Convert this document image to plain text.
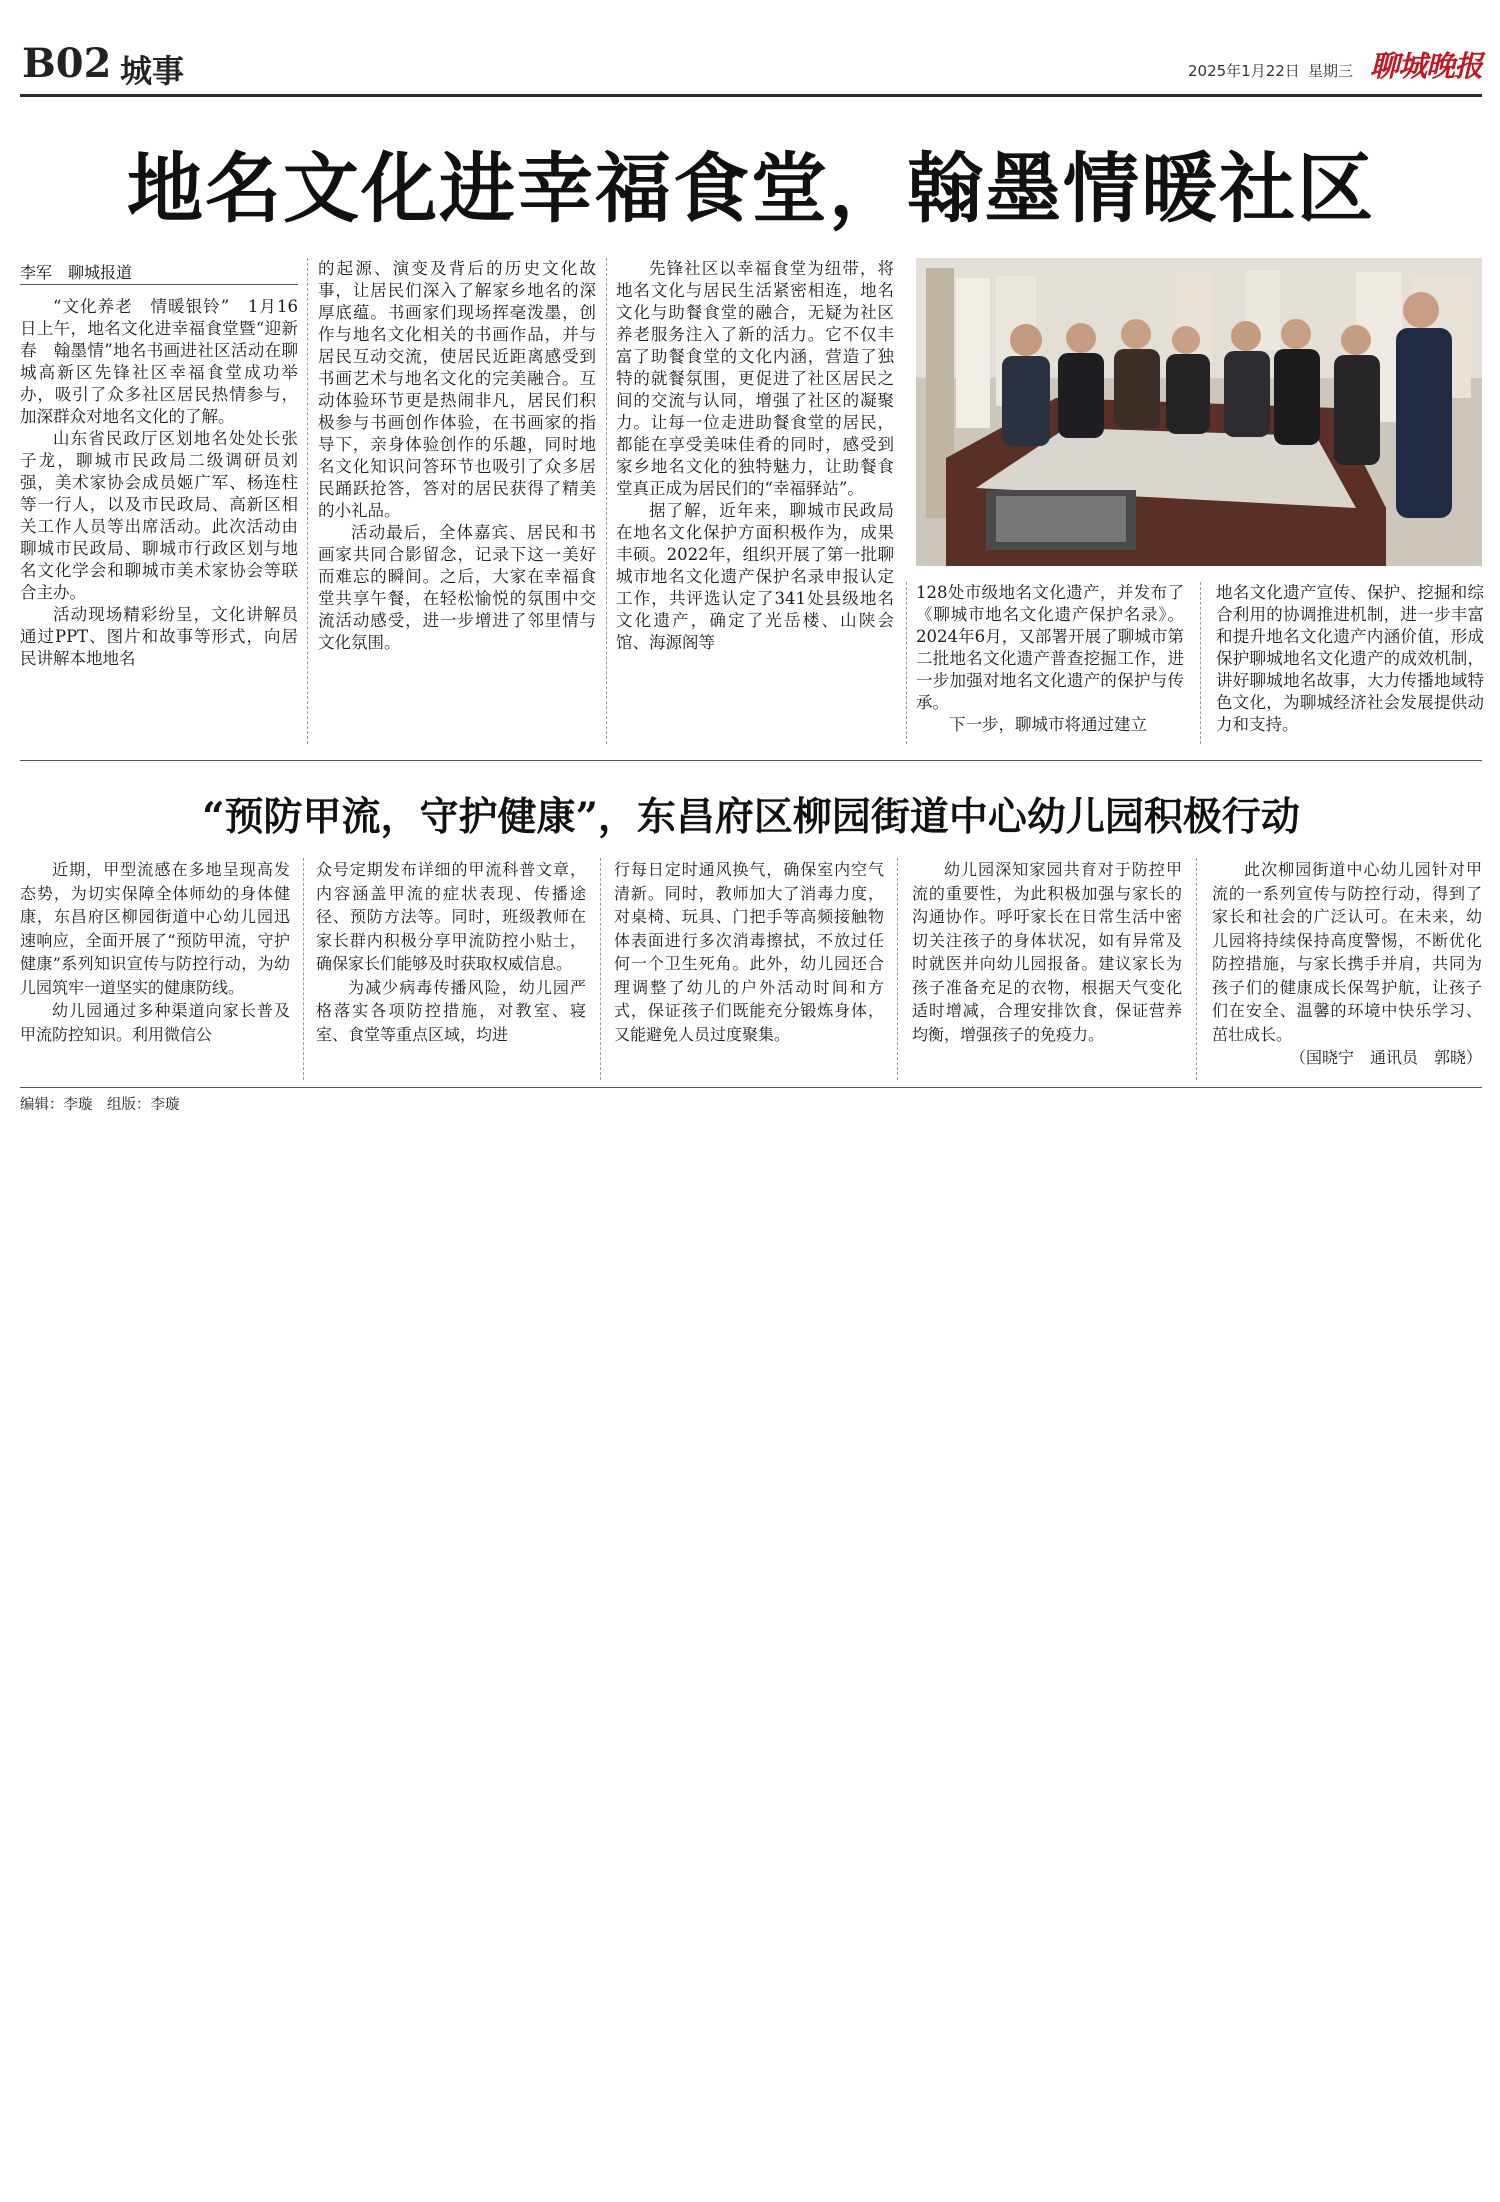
B02 城事	2025年1月22日 星期三 聊城晚报
地名文化进幸福食堂，翰墨情暖社区
李军　聊城报道

“文化养老　情暖银铃”　1月16日上午，地名文化进幸福食堂暨“迎新春　翰墨情”地名书画进社区活动在聊城高新区先锋社区幸福食堂成功举办，吸引了众多社区居民热情参与，加深群众对地名文化的了解。

山东省民政厅区划地名处处长张子龙，聊城市民政局二级调研员刘强，美术家协会成员姬广军、杨连柱等一行人，以及市民政局、高新区相关工作人员等出席活动。此次活动由聊城市民政局、聊城市行政区划与地名文化学会和聊城市美术家协会等联合主办。

活动现场精彩纷呈，文化讲解员通过PPT、图片和故事等形式，向居民讲解本地地名

的起源、演变及背后的历史文化故事，让居民们深入了解家乡地名的深厚底蕴。书画家们现场挥毫泼墨，创作与地名文化相关的书画作品，并与居民互动交流，使居民近距离感受到书画艺术与地名文化的完美融合。互动体验环节更是热闹非凡，居民们积极参与书画创作体验，在书画家的指导下，亲身体验创作的乐趣，同时地名文化知识问答环节也吸引了众多居民踊跃抢答，答对的居民获得了精美的小礼品。

活动最后，全体嘉宾、居民和书画家共同合影留念，记录下这一美好而难忘的瞬间。之后，大家在幸福食堂共享午餐，在轻松愉悦的氛围中交流活动感受，进一步增进了邻里情与文化氛围。

先锋社区以幸福食堂为纽带，将地名文化与居民生活紧密相连，地名文化与助餐食堂的融合，无疑为社区养老服务注入了新的活力。它不仅丰富了助餐食堂的文化内涵，营造了独特的就餐氛围，更促进了社区居民之间的交流与认同，增强了社区的凝聚力。让每一位走进助餐食堂的居民，都能在享受美味佳肴的同时，感受到家乡地名文化的独特魅力，让助餐食堂真正成为居民们的“幸福驿站”。

据了解，近年来，聊城市民政局在地名文化保护方面积极作为，成果丰硕。2022年，组织开展了第一批聊城市地名文化遗产保护名录申报认定工作，共评选认定了341处县级地名文化遗产，确定了光岳楼、山陕会馆、海源阁等

128处市级地名文化遗产，并发布了《聊城市地名文化遗产保护名录》。2024年6月，又部署开展了聊城市第二批地名文化遗产普查挖掘工作，进一步加强对地名文化遗产的保护与传承。

下一步，聊城市将通过建立

地名文化遗产宣传、保护、挖掘和综合利用的协调推进机制，进一步丰富和提升地名文化遗产内涵价值，形成保护聊城地名文化遗产的成效机制，讲好聊城地名故事，大力传播地域特色文化，为聊城经济社会发展提供动力和支持。

“预防甲流，守护健康”，东昌府区柳园街道中心幼儿园积极行动

近期，甲型流感在多地呈现高发态势，为切实保障全体师幼的身体健康，东昌府区柳园街道中心幼儿园迅速响应，全面开展了“预防甲流，守护健康”系列知识宣传与防控行动，为幼儿园筑牢一道坚实的健康防线。

幼儿园通过多种渠道向家长普及甲流防控知识。利用微信公

众号定期发布详细的甲流科普文章，内容涵盖甲流的症状表现、传播途径、预防方法等。同时，班级教师在家长群内积极分享甲流防控小贴士，确保家长们能够及时获取权威信息。

为减少病毒传播风险，幼儿园严格落实各项防控措施，对教室、寝室、食堂等重点区域，均进

行每日定时通风换气，确保室内空气清新。同时，教师加大了消毒力度，对桌椅、玩具、门把手等高频接触物体表面进行多次消毒擦拭，不放过任何一个卫生死角。此外，幼儿园还合理调整了幼儿的户外活动时间和方式，保证孩子们既能充分锻炼身体，又能避免人员过度聚集。

幼儿园深知家园共育对于防控甲流的重要性，为此积极加强与家长的沟通协作。呼吁家长在日常生活中密切关注孩子的身体状况，如有异常及时就医并向幼儿园报备。建议家长为孩子准备充足的衣物，根据天气变化适时增减，合理安排饮食，保证营养均衡，增强孩子的免疫力。

此次柳园街道中心幼儿园针对甲流的一系列宣传与防控行动，得到了家长和社会的广泛认可。在未来，幼儿园将持续保持高度警惕，不断优化防控措施，与家长携手并肩，共同为孩子们的健康成长保驾护航，让孩子们在安全、温馨的环境中快乐学习、茁壮成长。

（国晓宁　通讯员　郭晓）

编辑：李璇　组版：李璇
